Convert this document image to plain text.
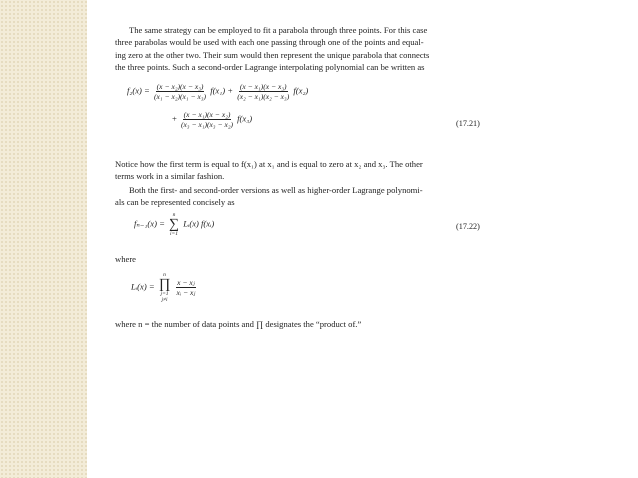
The same strategy can be employed to fit a parabola through three points. For this case
three parabolas would be used with each one passing through one of the points and equal-
ing zero at the other two. Their sum would then represent the unique parabola that connects
the three points. Such a second-order Lagrange interpolating polynomial can be written as

$f_2(x) = \frac{\text{(x − x₂)(x − x₃)}}{\text{(x₁ − x₂)(x₁ − x₃)}} f(x_1) + \frac{\text{(x − x₁)(x − x₃)}}{\text{(x₂ − x₁)(x₂ − x₃)}} f(x_2)$
+ $\frac{\text{(x − x₁)(x − x₂)}}{\text{(x₃ − x₁)(x₃ − x₂)}} f(x_3)$
(17.21)

Notice how the first term is equal to f(x₁) at x₁ and is equal to zero at x₂ and x₃. The other
terms work in a similar fashion.

Both the first- and second-order versions as well as higher-order Lagrange polynomi-
als can be represented concisely as

fₙ₋₁(x) =
n
∑
i=1
Lᵢ(x) f(xᵢ)	(17.22)
where
Lᵢ(x) =
n
∏
j=1
j≠i

$\frac{\text{x − xⱼ}}{\text{xᵢ − xⱼ}}$
where n = the number of data points and ∏ designates the “product of.”
